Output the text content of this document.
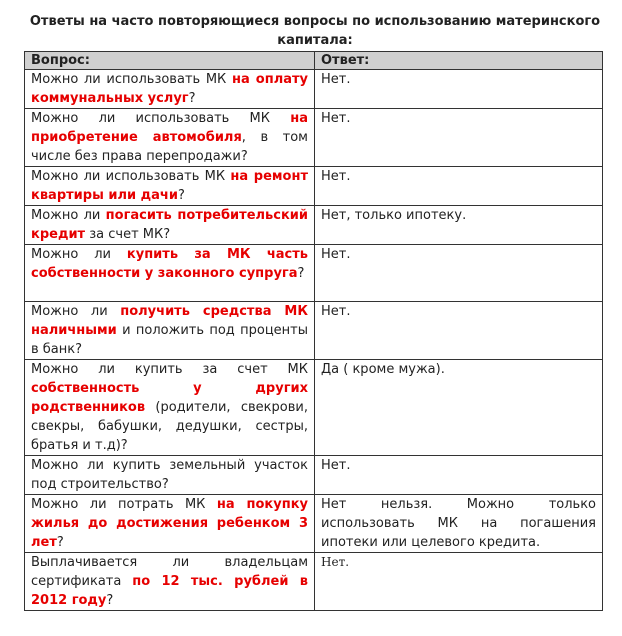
Ответы на часто повторяющиеся вопросы по использованию материнского капитала:
Вопрос:	Ответ:
Можно ли использовать МК на оплату коммунальных услуг?	Нет.
Можно ли использовать МК на приобретение автомобиля, в том числе без права перепродажи?	Нет.
Можно ли использовать МК на ремонт квартиры или дачи?	Нет.
Можно ли погасить потребительский кредит за счет МК?	Нет, только ипотеку.
Можно ли купить за МК часть собственности у законного супруга?	Нет.
Можно ли получить средства МК наличными и положить под проценты в банк?	Нет.
Можно ли купить за счет МК собственность у других родственников (родители, свекрови, свекры, бабушки, дедушки, сестры, братья и т.д)?	Да ( кроме мужа).
Можно ли купить земельный участок под строительство?	Нет.
Можно ли потрать МК на покупку жилья до достижения ребенком 3 лет?	Нет нельзя. Можно только использовать МК на погашения ипотеки или целевого кредита.
Выплачивается ли владельцам сертификата по 12 тыс. рублей в 2012 году?	Нет.
